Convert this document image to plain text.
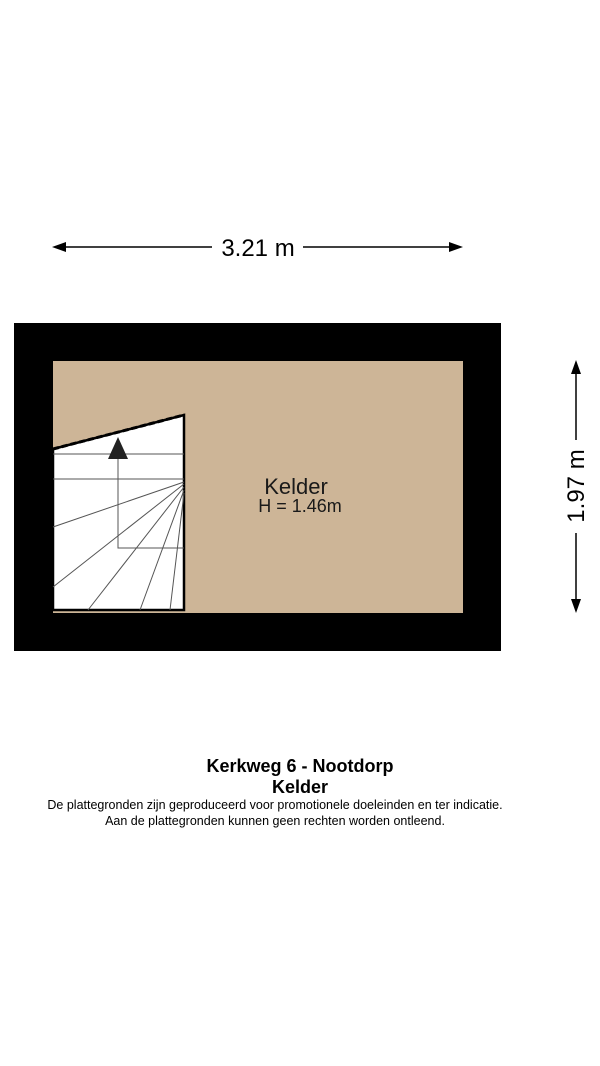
3.21 m
1.97 m
Kelder
H = 1.46m
Kerkweg 6 - Nootdorp
Kelder
De plattegronden zijn geproduceerd voor promotionele doeleinden en ter indicatie.
Aan de plattegronden kunnen geen rechten worden ontleend.
